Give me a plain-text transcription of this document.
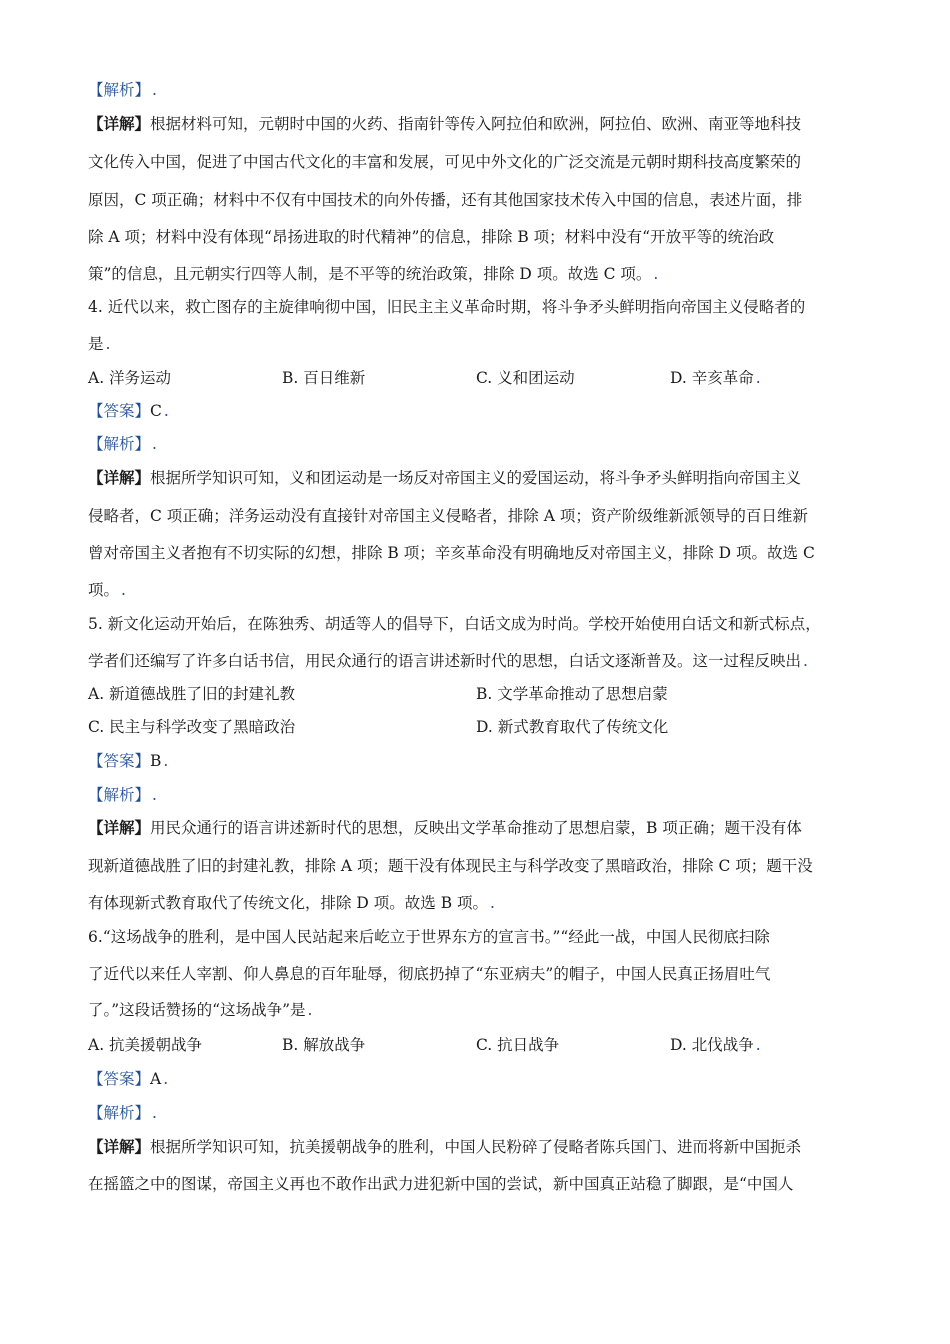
【解析】 .
【详解】根据材料可知，元朝时中国的火药、指南针等传入阿拉伯和欧洲，阿拉伯、欧洲、南亚等地科技
文化传入中国，促进了中国古代文化的丰富和发展，可见中外文化的广泛交流是元朝时期科技高度繁荣的
原因，C 项正确；材料中不仅有中国技术的向外传播，还有其他国家技术传入中国的信息，表述片面，排
除 A 项；材料中没有体现“昂扬进取的时代精神”的信息，排除 B 项；材料中没有“开放平等的统治政
策”的信息，且元朝实行四等人制，是不平等的统治政策，排除 D 项。故选 C 项。 .
4. 近代以来，救亡图存的主旋律响彻中国，旧民主主义革命时期，将斗争矛头鲜明指向帝国主义侵略者的
是 .
A. 洋务运动	B. 百日维新	C. 义和团运动	D. 辛亥革命 .
【答案】C .
【解析】 .
【详解】根据所学知识可知，义和团运动是一场反对帝国主义的爱国运动，将斗争矛头鲜明指向帝国主义
侵略者，C 项正确；洋务运动没有直接针对帝国主义侵略者，排除 A 项；资产阶级维新派领导的百日维新
曾对帝国主义者抱有不切实际的幻想，排除 B 项；辛亥革命没有明确地反对帝国主义，排除 D 项。故选 C
项。 .
5. 新文化运动开始后，在陈独秀、胡适等人的倡导下，白话文成为时尚。学校开始使用白话文和新式标点，
学者们还编写了许多白话书信，用民众通行的语言讲述新时代的思想，白话文逐渐普及。这一过程反映出 .
A. 新道德战胜了旧的封建礼教	B. 文学革命推动了思想启蒙
C. 民主与科学改变了黑暗政治	D. 新式教育取代了传统文化
【答案】B .
【解析】 .
【详解】用民众通行的语言讲述新时代的思想，反映出文学革命推动了思想启蒙，B 项正确；题干没有体
现新道德战胜了旧的封建礼教，排除 A 项；题干没有体现民主与科学改变了黑暗政治，排除 C 项；题干没
有体现新式教育取代了传统文化，排除 D 项。故选 B 项。 .
6.“这场战争的胜利，是中国人民站起来后屹立于世界东方的宣言书。”“经此一战，中国人民彻底扫除
了近代以来任人宰割、仰人鼻息的百年耻辱，彻底扔掉了“东亚病夫”的帽子，中国人民真正扬眉吐气
了。”这段话赞扬的“这场战争”是 .
A. 抗美援朝战争	B. 解放战争	C. 抗日战争	D. 北伐战争 .
【答案】A .
【解析】 .
【详解】根据所学知识可知，抗美援朝战争的胜利，中国人民粉碎了侵略者陈兵国门、进而将新中国扼杀
在摇篮之中的图谋，帝国主义再也不敢作出武力进犯新中国的尝试，新中国真正站稳了脚跟，是“中国人
